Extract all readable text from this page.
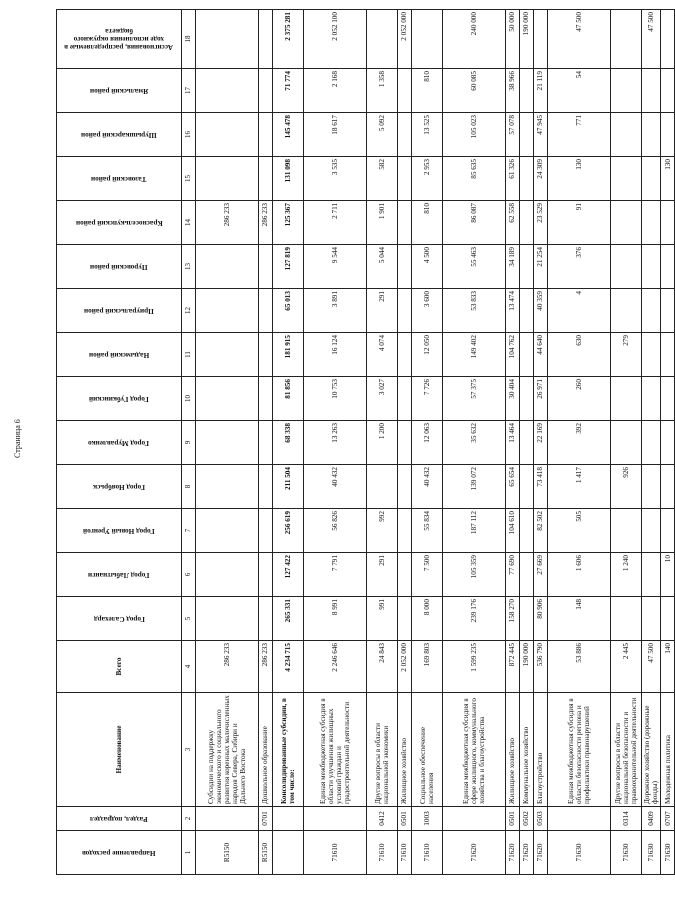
Страница 6
Направление расходов	Раздел, подраздел	Наименование	Всего	Город Салехард	Город Лабытнанги	Город Новый Уренгой	Город Ноябрьск	Город Муравленко	Город Губкинский	Надымский район	Приуральский район	Пуровский район	Красноселькупский район	Тазовский район	Шурышкарский район	Ямальский район	Ассигнования, распределяемые в ходе исполнения окружного бюджета

1	2	3	4	5	6	7	8	9	10	11	12	13	14	15	16	17	18
R5150		Субсидии на поддержку экономического и социального развития коренных малочисленных народов Севера, Сибири и Дальнего Востока	286 233										286 233				
R5150	0701	Дошкольное образование	286 233										286 233				
		Консолидированные субсидии, в том числе:	4 234 715	265 331	127 422	256 619	211 504	68 338	81 856	181 915	65 013	127 819	125 367	131 098	145 478	71 774	2 375 281
71610		Единая межбюджетная субсидия в области улучшения жилищных условий граждан и градостроительной деятельности	2 246 646	8 991	7 791	56 826	40 432	13 263	10 753	16 124	3 891	9 544	2 711	3 535	18 617	2 168	2 052 100
71610	0412	Другие вопросы в области национальной экономики	24 843	991	291	992		1 200	3 027	4 074	291	5 044	1 901	582	5 092	1 358	
71610	0501	Жилищное хозяйство	2 052 000														2 052 000
71610	1003	Социальное обеспечение населения	169 803	8 000	7 500	55 834	40 432	12 063	7 726	12 050	3 600	4 500	810	2 953	13 525	810	
71620		Единая межбюджетная субсидия в сфере жилищного, коммунального хозяйства и благоустройства	1 599 235	239 176	105 359	187 112	139 072	35 632	57 375	149 402	53 833	55 463	86 087	85 635	105 023	60 085	240 000
71620	0501	Жилищное хозяйство	872 445	158 270	77 690	104 610	65 654	13 464	30 404	104 762	13 474	34 189	62 558	61 326	57 078	38 966	50 000
71620	0502	Коммунальное хозяйство	190 000														190 000
71620	0503	Благоустройство	536 790	80 906	27 669	82 502	73 418	22 169	26 971	44 640	40 359	21 254	23 529	24 309	47 945	21 119	
71630		Единая межбюджетная субсидия в области безопасности региона и профилактики правонарушений	53 886	148	1 606	505	1 417	392	260	630	4	376	91	130	771	54	47 500
71630	0314	Другие вопросы в области национальной безопасности и правоохранительной деятельности	2 445		1 240		926			279							
71630	0409	Дорожное хозяйство (дорожные фонды)	47 500														47 500
71630	0707	Молодежная политика	140		10									130			
